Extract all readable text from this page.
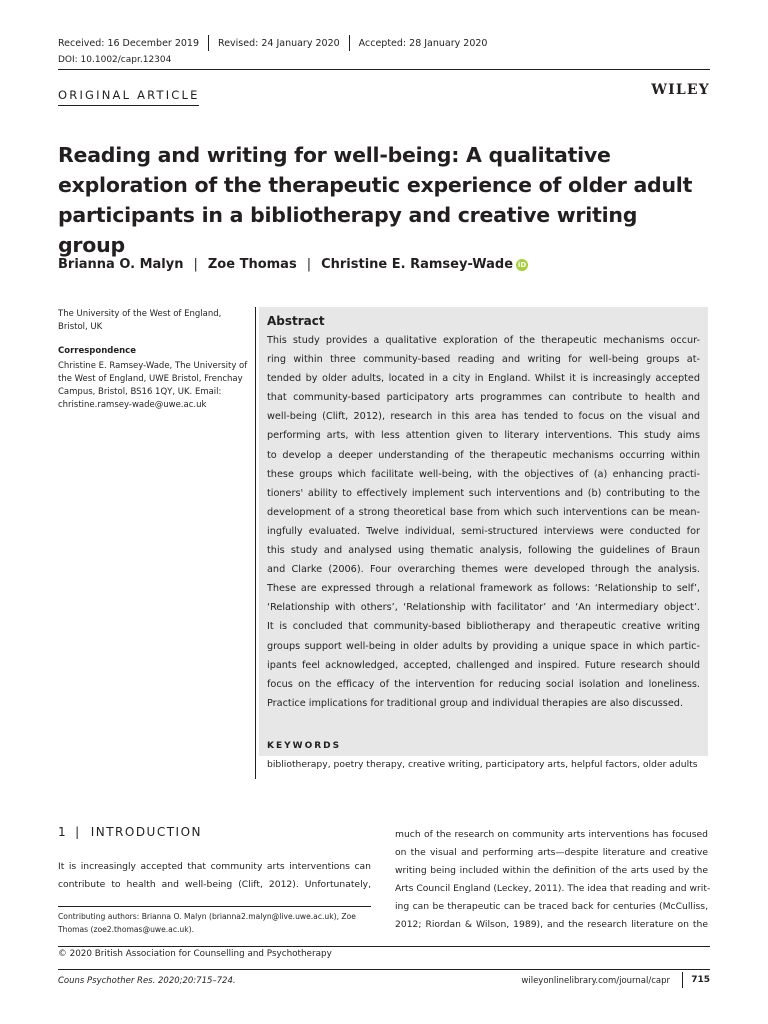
Received: 16 December 2019 Revised: 24 January 2020 Accepted: 28 January 2020
DOI: 10.1002/capr.12304
ORIGINAL ARTICLE	WILEY
Reading and writing for well-being: A qualitative exploration of the therapeutic experience of older adult participants in a bibliotherapy and creative writing group
Brianna O. Malyn | Zoe Thomas | Christine E. Ramsey-Wade iD
The University of the West of England, Bristol, UK
Correspondence
Christine E. Ramsey-Wade, The University of the West of England, UWE Bristol, Frenchay Campus, Bristol, BS16 1QY, UK. Email: christine.ramsey-wade@uwe.ac.uk
Abstract
This study provides a qualitative exploration of the therapeutic mechanisms occur-
ring within three community-based reading and writing for well-being groups at-
tended by older adults, located in a city in England. Whilst it is increasingly accepted
that community-based participatory arts programmes can contribute to health and
well-being (Clift, 2012), research in this area has tended to focus on the visual and
performing arts, with less attention given to literary interventions. This study aims
to develop a deeper understanding of the therapeutic mechanisms occurring within
these groups which facilitate well-being, with the objectives of (a) enhancing practi-
tioners' ability to effectively implement such interventions and (b) contributing to the
development of a strong theoretical base from which such interventions can be mean-
ingfully evaluated. Twelve individual, semi-structured interviews were conducted for
this study and analysed using thematic analysis, following the guidelines of Braun
and Clarke (2006). Four overarching themes were developed through the analysis.
These are expressed through a relational framework as follows: ‘Relationship to self’,
‘Relationship with others’, ‘Relationship with facilitator’ and ‘An intermediary object’.
It is concluded that community-based bibliotherapy and therapeutic creative writing
groups support well-being in older adults by providing a unique space in which partic-
ipants feel acknowledged, accepted, challenged and inspired. Future research should
focus on the efficacy of the intervention for reducing social isolation and loneliness.
Practice implications for traditional group and individual therapies are also discussed.
KEYWORDS
bibliotherapy, poetry therapy, creative writing, participatory arts, helpful factors, older adults
1 | INTRODUCTION
It is increasingly accepted that community arts interventions can
contribute to health and well-being (Clift, 2012). Unfortunately,
much of the research on community arts interventions has focused
on the visual and performing arts—despite literature and creative
writing being included within the definition of the arts used by the
Arts Council England (Leckey, 2011). The idea that reading and writ-
ing can be therapeutic can be traced back for centuries (McCulliss,
2012; Riordan & Wilson, 1989), and the research literature on the
Contributing authors: Brianna O. Malyn (brianna2.malyn@live.uwe.ac.uk), Zoe Thomas (zoe2.thomas@uwe.ac.uk).
© 2020 British Association for Counselling and Psychotherapy
Couns Psychother Res. 2020;20:715–724.	wileyonlinelibrary.com/journal/capr 715
